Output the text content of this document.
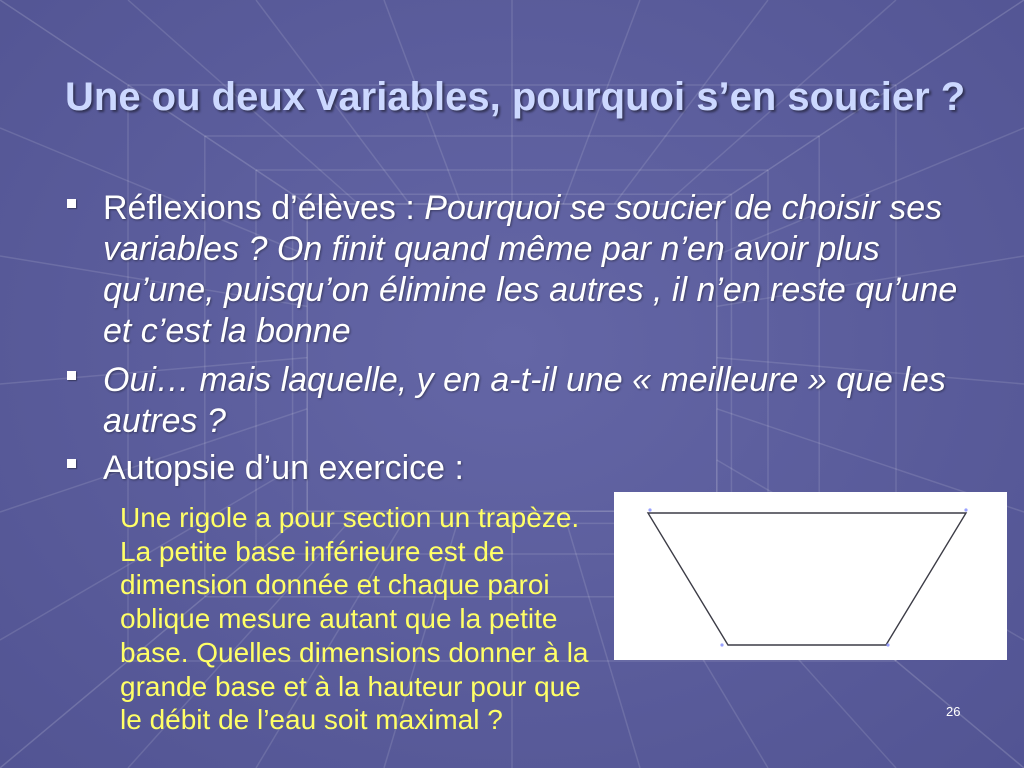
Une ou deux variables, pourquoi s’en soucier ?
Réflexions d’élèves : Pourquoi se soucier de choisir ses
variables ? On finit quand même par n’en avoir plus
qu’une, puisqu’on élimine les autres , il n’en reste qu’une
et c’est la bonne
Oui… mais laquelle, y en a-t-il une « meilleure » que les
autres ?
Autopsie d’un exercice :
Une rigole a pour section un trapèze.
La petite base inférieure est de
dimension donnée et chaque paroi
oblique mesure autant que la petite
base. Quelles dimensions donner à la
grande base et à la hauteur pour que
le débit de l’eau soit maximal ?	26
